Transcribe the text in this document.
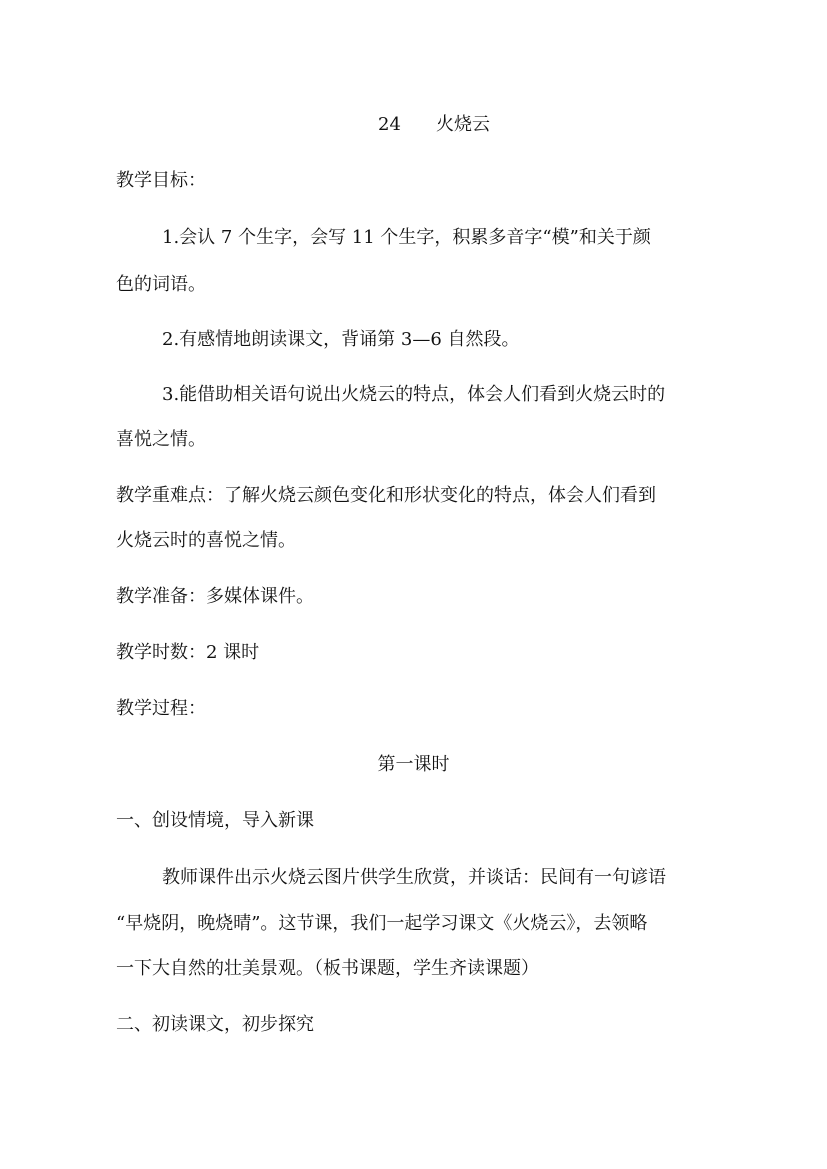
24 火烧云
教学目标：
1.会认 7 个生字，会写 11 个生字，积累多音字“模”和关于颜
色的词语。
2.有感情地朗读课文，背诵第 3—6 自然段。
3.能借助相关语句说出火烧云的特点，体会人们看到火烧云时的
喜悦之情。
教学重难点：了解火烧云颜色变化和形状变化的特点，体会人们看到
火烧云时的喜悦之情。
教学准备：多媒体课件。
教学时数：2 课时
教学过程：
第一课时
一、创设情境，导入新课
教师课件出示火烧云图片供学生欣赏，并谈话：民间有一句谚语
“早烧阴，晚烧晴”。这节课，我们一起学习课文《火烧云》，去领略
一下大自然的壮美景观。（板书课题，学生齐读课题）
二、初读课文，初步探究
